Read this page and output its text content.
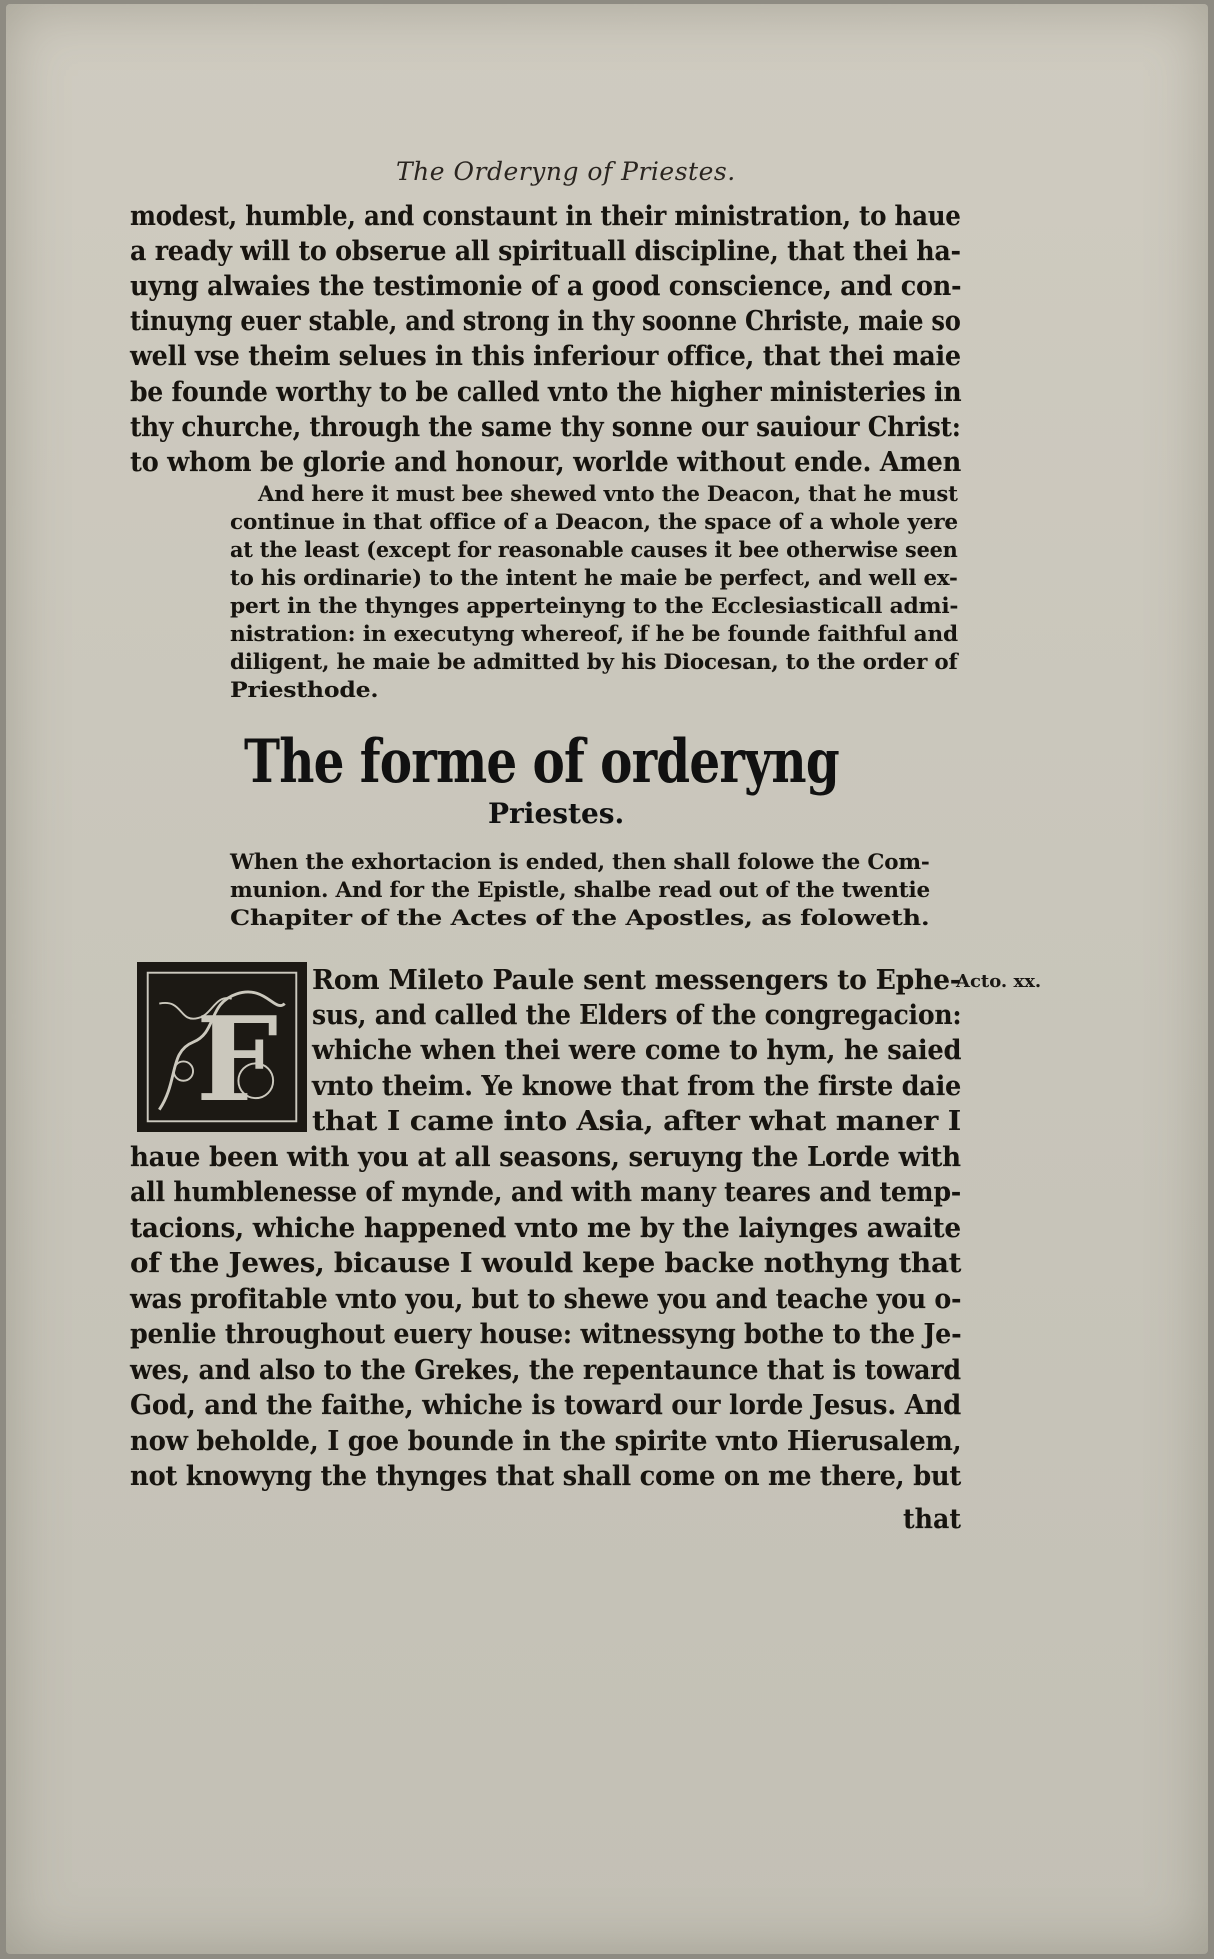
The Orderyng of Priestes.
modest, humble, and constaunt in their ministration, to haue
a ready will to obserue all spirituall discipline, that thei ha-
uyng alwaies the testimonie of a good conscience, and con-
tinuyng euer stable, and strong in thy soonne Christe, maie so
well vse theim selues in this inferiour office, that thei maie
be founde worthy to be called vnto the higher ministeries in
thy churche, through the same thy sonne our sauiour Christ:
to whom be glorie and honour, worlde without ende. Amen
And here it must bee shewed vnto the Deacon, that he must
continue in that office of a Deacon, the space of a whole yere
at the least (except for reasonable causes it bee otherwise seen
to his ordinarie) to the intent he maie be perfect, and well ex-
pert in the thynges apperteinyng to the Ecclesiasticall admi-
nistration: in executyng whereof, if he be founde faithful and
diligent, he maie be admitted by his Diocesan, to the order of
Priesthode.
The forme of orderyng
Priestes.
When the exhortacion is ended, then shall folowe the Com-
munion. And for the Epistle, shalbe read out of the twentie
Chapiter of the Actes of the Apostles, as foloweth.
F
Acto. xx.
Rom Mileto Paule sent messengers to Ephe-
sus, and called the Elders of the congregacion:
whiche when thei were come to hym, he saied
vnto theim. Ye knowe that from the firste daie
that I came into Asia, after what maner I
haue been with you at all seasons, seruyng the Lorde with
all humblenesse of mynde, and with many teares and temp-
tacions, whiche happened vnto me by the laiynges awaite
of the Jewes, bicause I would kepe backe nothyng that
was profitable vnto you, but to shewe you and teache you o-
penlie throughout euery house: witnessyng bothe to the Je-
wes, and also to the Grekes, the repentaunce that is toward
God, and the faithe, whiche is toward our lorde Jesus. And
now beholde, I goe bounde in the spirite vnto Hierusalem,
not knowyng the thynges that shall come on me there, but
that
